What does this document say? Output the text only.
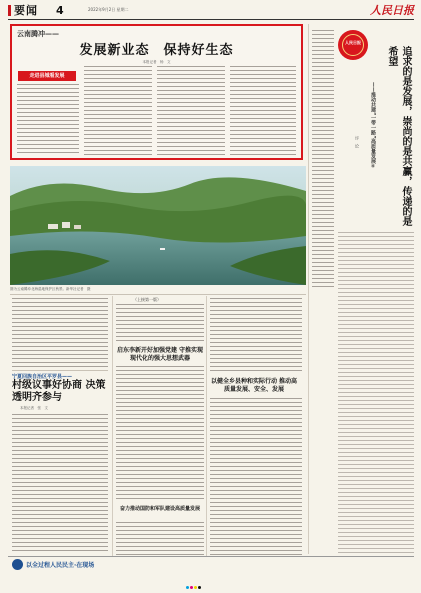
要闻 4	2022年9月2日 星期二	人民日报
云南腾冲——
发展新业态　保持好生态
本报记者　杨　文
走进县城看发展
人民日报
追求的是发展，崇尚的是共赢，传递的是希望
——推动共建“一带一路”高质量发展④
评　论
图为云南腾冲北海湿地保护区秋景。新华社记者　摄
宁夏回族自治区平罗县——
村级议事好协商 决策透明齐参与
本报记者　张　文
以全过程人民民主·在现场
（上接第一版）
启东李新开好加强党建 守推实现现代化的强大思想武器
奋力推动国防和军队建设高质量发展
以健全乡县种和实际行动 推动高质量发展、安全、发展
